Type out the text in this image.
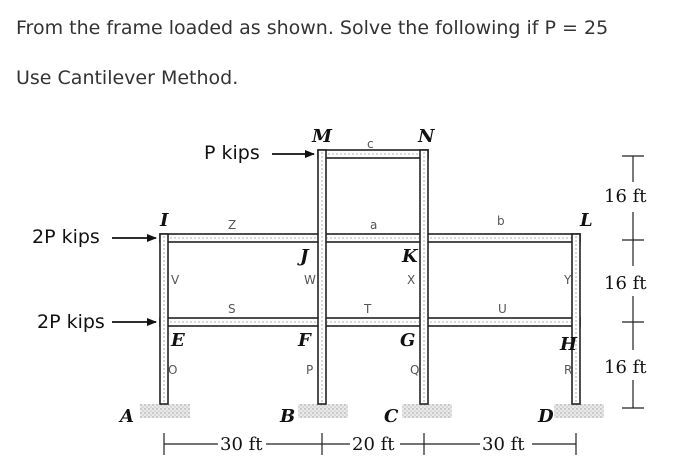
From the frame loaded as shown. Solve the following if P = 25
Use Cantilever Method.
P kips
2P kips
2P kips
M	N
I	L
J	K
E	F	G	H
A	B	C	D
c
a	b
Z
V	W	X	Y
S	T	U
O	P	Q	R
16 ft
16 ft
16 ft
30 ft	20 ft	30 ft
